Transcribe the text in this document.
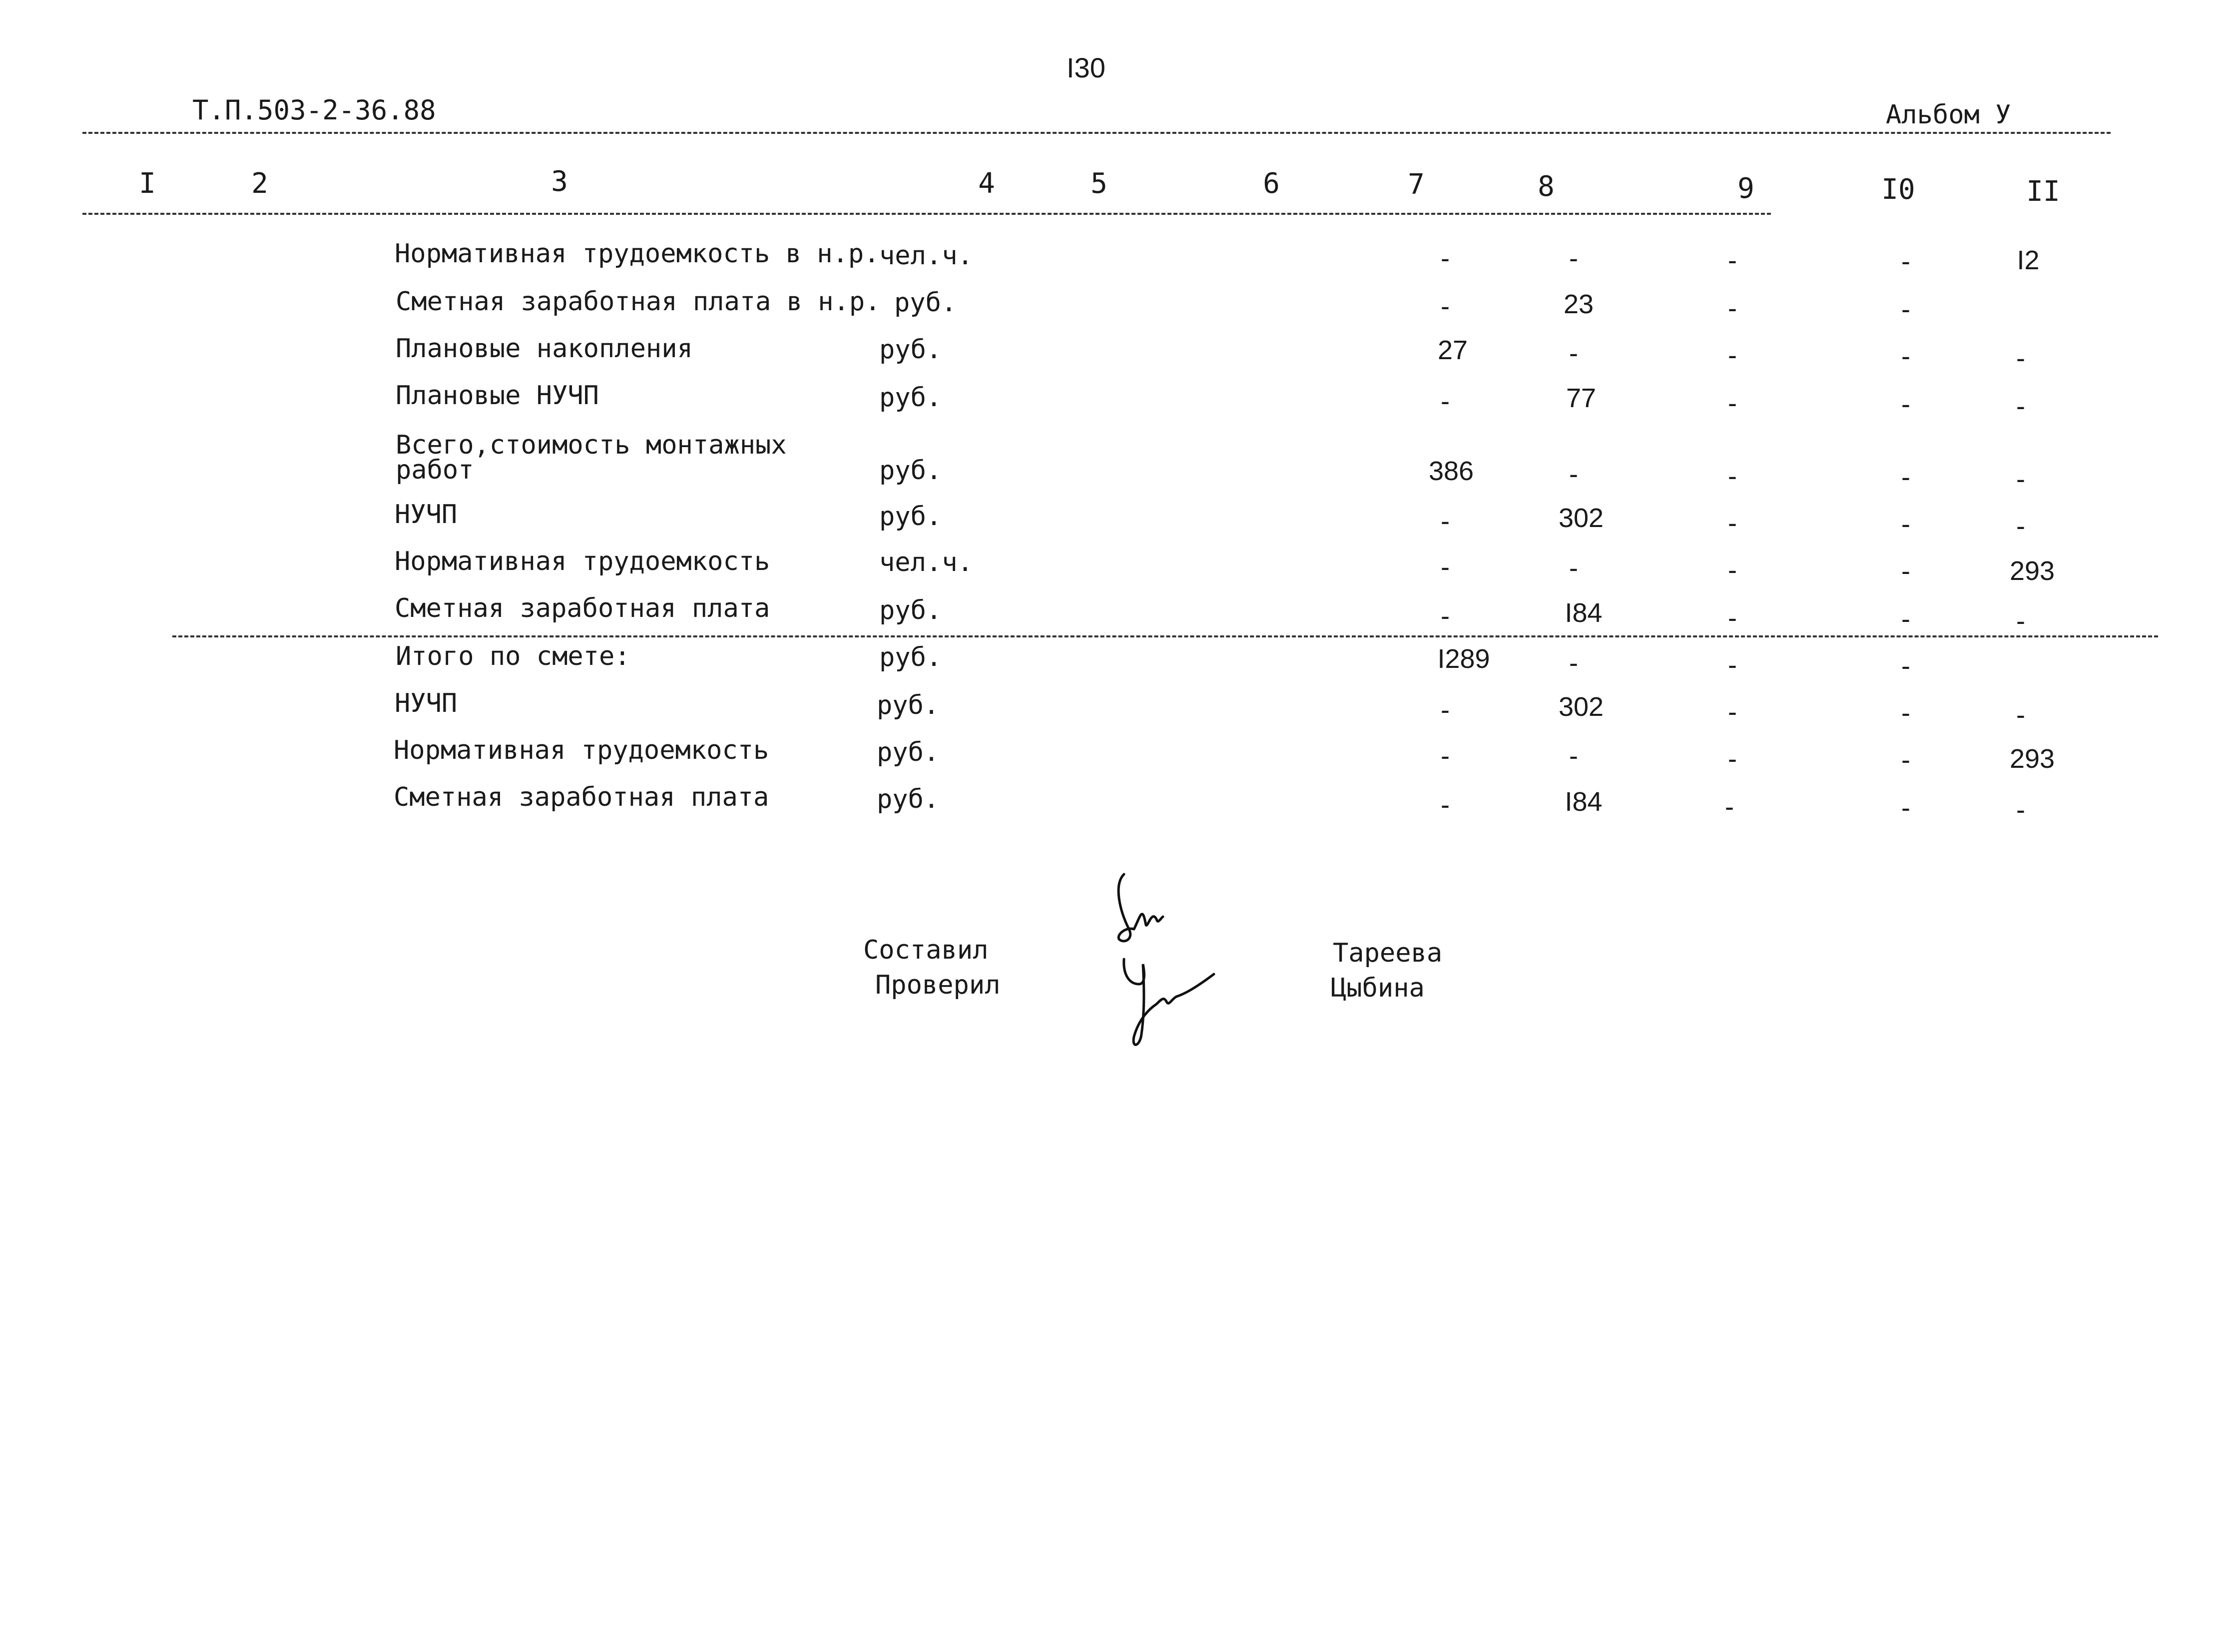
I30
Т.П.503-2-36.88	Альбом У
I	2	3	4	5	6	7	8	9	I0	II
Нормативная трудоемкость в н.р. чел.ч.	-	-	-	-	I2
Сметная заработная плата в н.р. руб.	-	23	-	-
Плановые накопления	руб.	27	-	-	-	-
Плановые НУЧП	руб.	-	77	-	-	-
Всего,стоимость монтажных
работ	руб.	386	-	-	-	-
НУЧП	руб.	-	302	-	-	-
Нормативная трудоемкость	чел.ч.	-	-	-	-	293
Сметная заработная плата	руб.	-	I84	-	-	-
Итого по смете:	руб.	I289	-	-	-
НУЧП	руб.	-	302	-	-	-
Нормативная трудоемкость	руб.	-	-	-	-	293
Сметная заработная плата	руб.	-	I84	-	-	-
Составил
Проверил
Тареева
Цыбина
